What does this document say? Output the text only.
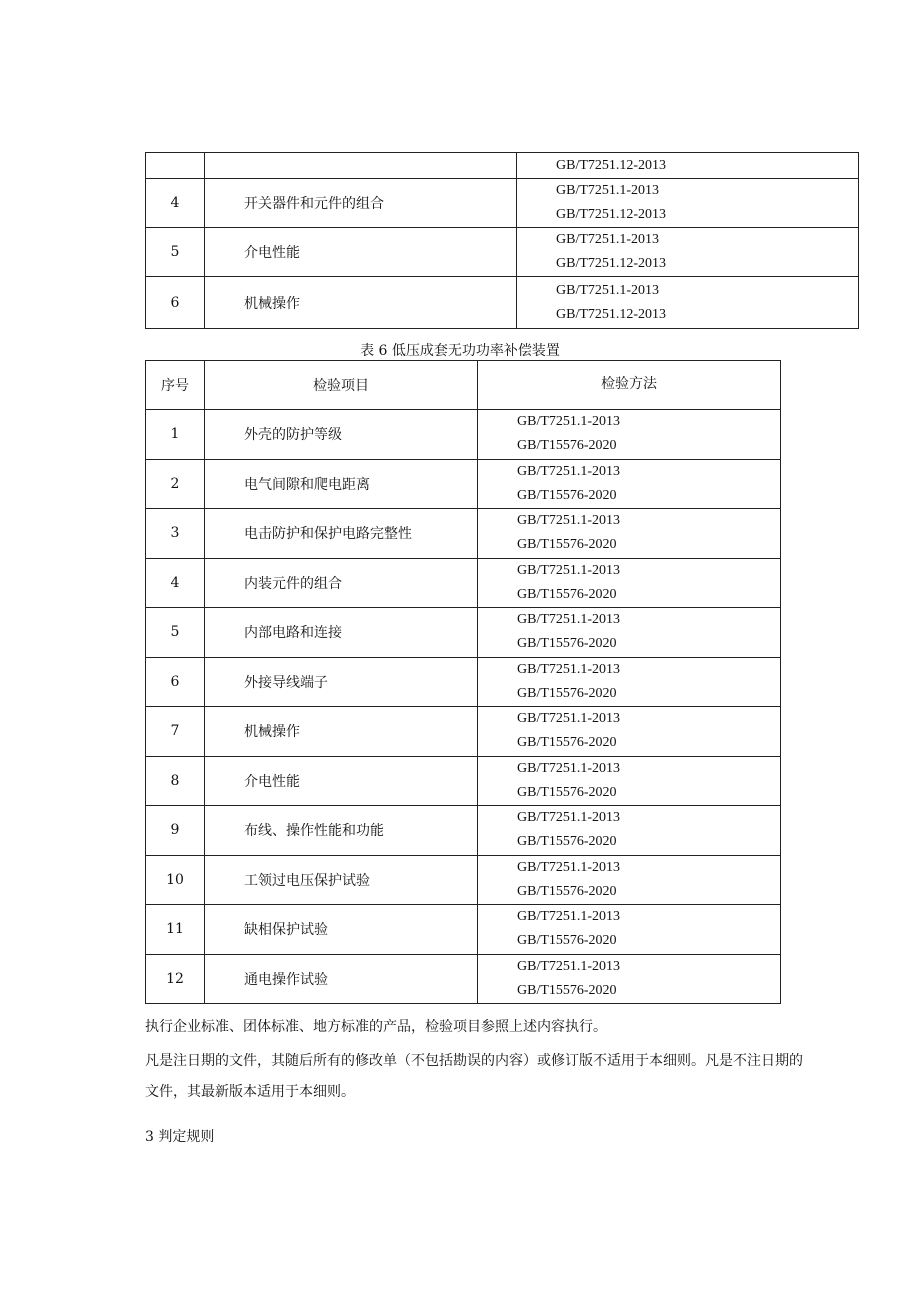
		GB/T7251.12-2013

4	开关器件和元件的组合	GB/T7251.1-2013
GB/T7251.12-2013

5	介电性能	GB/T7251.1-2013
GB/T7251.12-2013

6	机械操作	GB/T7251.1-2013
GB/T7251.12-2013
表 6 低压成套无功功率补偿装置
序号	检验项目	检验方法
1	外壳的防护等级	GB/T7251.1-2013
GB/T15576-2020

2	电气间隙和爬电距离	GB/T7251.1-2013
GB/T15576-2020

3	电击防护和保护电路完整性	GB/T7251.1-2013
GB/T15576-2020

4	内装元件的组合	GB/T7251.1-2013
GB/T15576-2020

5	内部电路和连接	GB/T7251.1-2013
GB/T15576-2020

6	外接导线端子	GB/T7251.1-2013
GB/T15576-2020

7	机械操作	GB/T7251.1-2013
GB/T15576-2020

8	介电性能	GB/T7251.1-2013
GB/T15576-2020

9	布线、操作性能和功能	GB/T7251.1-2013
GB/T15576-2020

10	工领过电压保护试验	GB/T7251.1-2013
GB/T15576-2020

11	缺相保护试验	GB/T7251.1-2013
GB/T15576-2020

12	通电操作试验	GB/T7251.1-2013
GB/T15576-2020
执行企业标准、团体标准、地方标准的产品，检验项目参照上述内容执行。
凡是注日期的文件，其随后所有的修改单（不包括勘误的内容）或修订版不适用于本细则。凡是不注日期的文件，其最新版本适用于本细则。
3 判定规则
